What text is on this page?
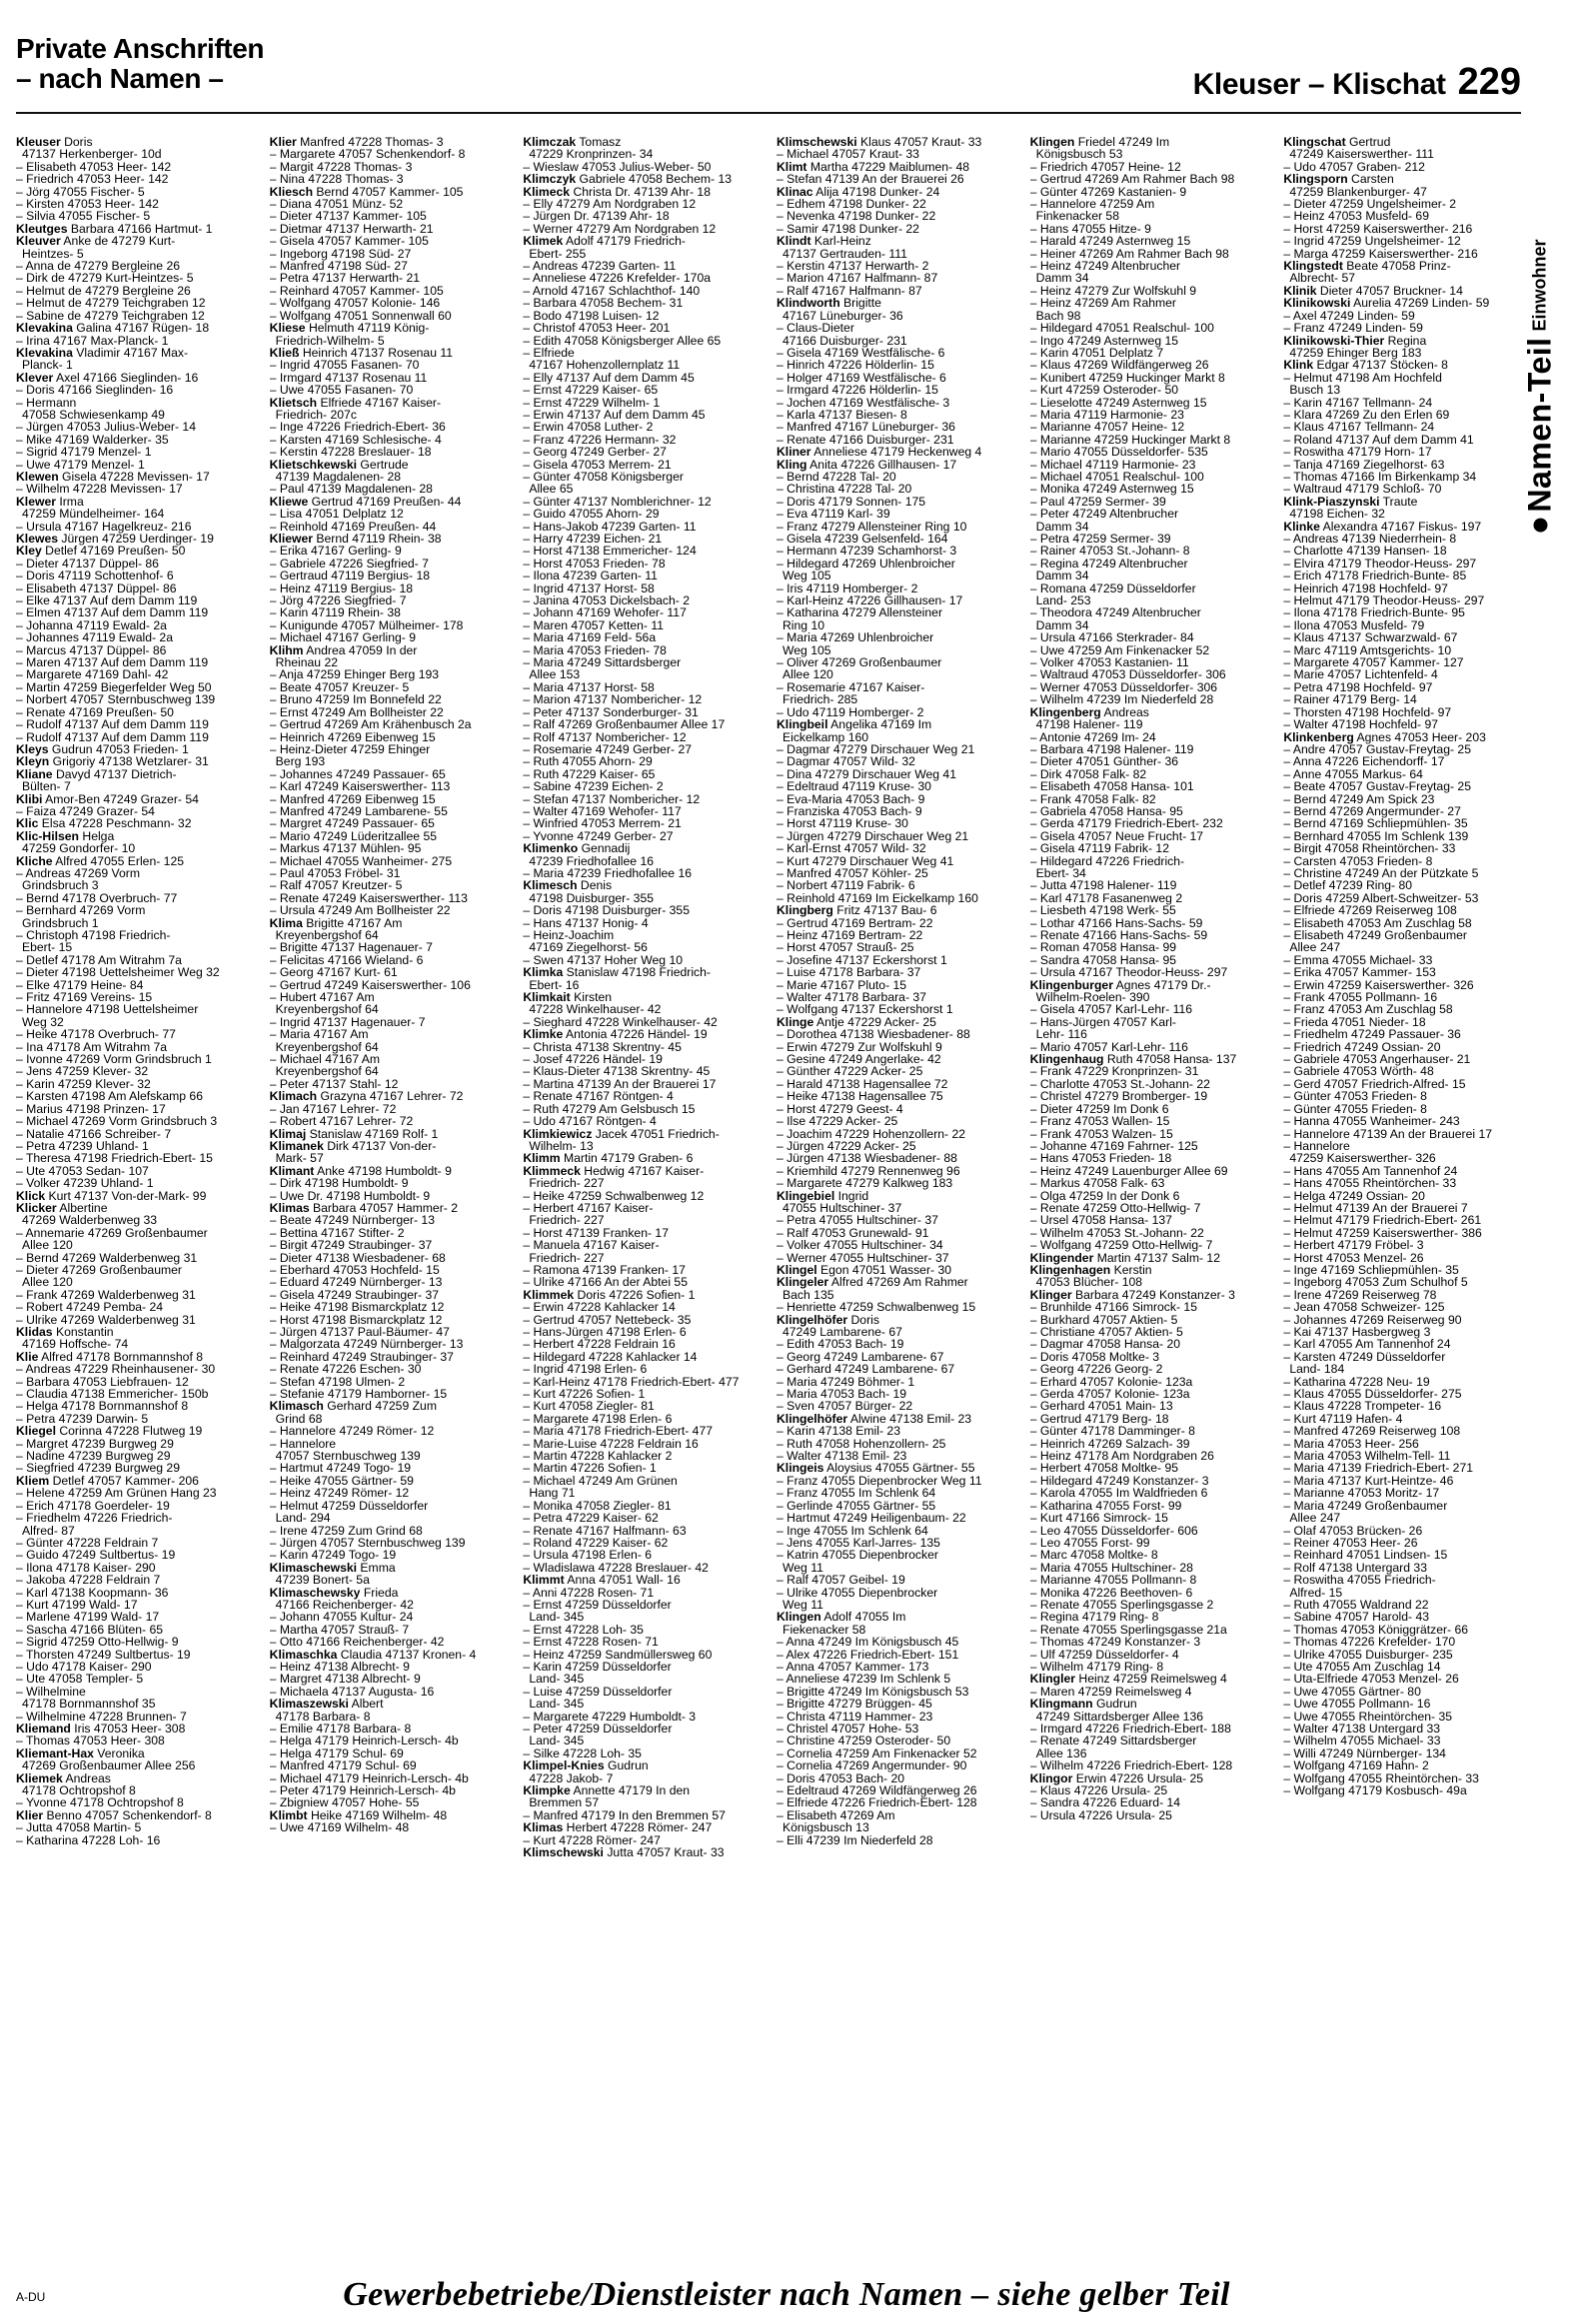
Private Anschriften
– nach Namen –	Kleuser – Klischat 229
Kleuser Doris
47137 Herkenberger- 10d
– Elisabeth 47053 Heer- 142
– Friedrich 47053 Heer- 142
– Jörg 47055 Fischer- 5
– Kirsten 47053 Heer- 142
– Silvia 47055 Fischer- 5
Kleutges Barbara 47166 Hartmut- 1
Kleuver Anke de 47279 Kurt-
Heintzes- 5
– Anna de 47279 Bergleine 26
– Dirk de 47279 Kurt-Heintzes- 5
– Helmut de 47279 Bergleine 26
– Helmut de 47279 Teichgraben 12
– Sabine de 47279 Teichgraben 12
Klevakina Galina 47167 Rügen- 18
– Irina 47167 Max-Planck- 1
Klevakina Vladimir 47167 Max-
Planck- 1
Klever Axel 47166 Sieglinden- 16
– Doris 47166 Sieglinden- 16
– Hermann
47058 Schwiesenkamp 49
– Jürgen 47053 Julius-Weber- 14
– Mike 47169 Walderker- 35
– Sigrid 47179 Menzel- 1
– Uwe 47179 Menzel- 1
Klewen Gisela 47228 Mevissen- 17
– Wilhelm 47228 Mevissen- 17
Klewer Irma
47259 Mündelheimer- 164
– Ursula 47167 Hagelkreuz- 216
Klewes Jürgen 47259 Uerdinger- 19
Kley Detlef 47169 Preußen- 50
– Dieter 47137 Düppel- 86
– Doris 47119 Schottenhof- 6
– Elisabeth 47137 Düppel- 86
– Elke 47137 Auf dem Damm 119
– Elmen 47137 Auf dem Damm 119
– Johanna 47119 Ewald- 2a
– Johannes 47119 Ewald- 2a
– Marcus 47137 Düppel- 86
– Maren 47137 Auf dem Damm 119
– Margarete 47169 Dahl- 42
– Martin 47259 Biegerfelder Weg 50
– Norbert 47057 Sternbuschweg 139
– Renate 47169 Preußen- 50
– Rudolf 47137 Auf dem Damm 119
– Rudolf 47137 Auf dem Damm 119
Kleys Gudrun 47053 Frieden- 1
Kleyn Grigoriy 47138 Wetzlarer- 31
Kliane Davyd 47137 Dietrich-
Bülten- 7
Klibi Amor-Ben 47249 Grazer- 54
– Faiza 47249 Grazer- 54
Klic Elsa 47228 Peschmann- 32
Klic-Hilsen Helga
47259 Gondorfer- 10
Kliche Alfred 47055 Erlen- 125
– Andreas 47269 Vorm
Grindsbruch 3
– Bernd 47178 Overbruch- 77
– Bernhard 47269 Vorm
Grindsbruch 1
– Christoph 47198 Friedrich-
Ebert- 15
– Detlef 47178 Am Witrahm 7a
– Dieter 47198 Uettelsheimer Weg 32
– Elke 47179 Heine- 84
– Fritz 47169 Vereins- 15
– Hannelore 47198 Uettelsheimer
Weg 32
– Heike 47178 Overbruch- 77
– Ina 47178 Am Witrahm 7a
– Ivonne 47269 Vorm Grindsbruch 1
– Jens 47259 Klever- 32
– Karin 47259 Klever- 32
– Karsten 47198 Am Alefskamp 66
– Marius 47198 Prinzen- 17
– Michael 47269 Vorm Grindsbruch 3
– Natalie 47166 Schreiber- 7
– Petra 47239 Uhland- 1
– Theresa 47198 Friedrich-Ebert- 15
– Ute 47053 Sedan- 107
– Volker 47239 Uhland- 1
Klick Kurt 47137 Von-der-Mark- 99
Klicker Albertine
47269 Walderbenweg 33
– Annemarie 47269 Großenbaumer
Allee 120
– Bernd 47269 Walderbenweg 31
– Dieter 47269 Großenbaumer
Allee 120
– Frank 47269 Walderbenweg 31
– Robert 47249 Pemba- 24
– Ulrike 47269 Walderbenweg 31
Klidas Konstantin
47169 Hoffsche- 74
Klie Alfred 47178 Bornmannshof 8
– Andreas 47229 Rheinhausener- 30
– Barbara 47053 Liebfrauen- 12
– Claudia 47138 Emmericher- 150b
– Helga 47178 Bornmannshof 8
– Petra 47239 Darwin- 5
Kliegel Corinna 47228 Flutweg 19
– Margret 47239 Burgweg 29
– Nadine 47239 Burgweg 29
– Siegfried 47239 Burgweg 29
Kliem Detlef 47057 Kammer- 206
– Helene 47259 Am Grünen Hang 23
– Erich 47178 Goerdeler- 19
– Friedhelm 47226 Friedrich-
Alfred- 87
– Günter 47228 Feldrain 7
– Guido 47249 Sultbertus- 19
– Ilona 47178 Kaiser- 290
– Jakoba 47228 Feldrain 7
– Karl 47138 Koopmann- 36
– Kurt 47199 Wald- 17
– Marlene 47199 Wald- 17
– Sascha 47166 Blüten- 65
– Sigrid 47259 Otto-Hellwig- 9
– Thorsten 47249 Sultbertus- 19
– Udo 47178 Kaiser- 290
– Ute 47058 Templer- 5
– Wilhelmine
47178 Bornmannshof 35
– Wilhelmine 47228 Brunnen- 7
Kliemand Iris 47053 Heer- 308
– Thomas 47053 Heer- 308
Kliemant-Hax Veronika
47269 Großenbaumer Allee 256
Kliemek Andreas
47178 Ochtropshof 8
– Yvonne 47178 Ochtropshof 8
Klier Benno 47057 Schenkendorf- 8
– Jutta 47058 Martin- 5
– Katharina 47228 Loh- 16
Klier Manfred 47228 Thomas- 3
– Margarete 47057 Schenkendorf- 8
– Margit 47228 Thomas- 3
– Nina 47228 Thomas- 3
Kliesch Bernd 47057 Kammer- 105
– Diana 47051 Münz- 52
– Dieter 47137 Kammer- 105
– Dietmar 47137 Herwarth- 21
– Gisela 47057 Kammer- 105
– Ingeborg 47198 Süd- 27
– Manfred 47198 Süd- 27
– Petra 47137 Herwarth- 21
– Reinhard 47057 Kammer- 105
– Wolfgang 47057 Kolonie- 146
– Wolfgang 47051 Sonnenwall 60
Kliese Helmuth 47119 König-
Friedrich-Wilhelm- 5
Kließ Heinrich 47137 Rosenau 11
– Ingrid 47055 Fasanen- 70
– Irmgard 47137 Rosenau 11
– Uwe 47055 Fasanen- 70
Klietsch Elfriede 47167 Kaiser-
Friedrich- 207c
– Inge 47226 Friedrich-Ebert- 36
– Karsten 47169 Schlesische- 4
– Kerstin 47228 Breslauer- 18
Klietschkewski Gertrude
47139 Magdalenen- 28
– Paul 47139 Magdalenen- 28
Kliewe Gertrud 47169 Preußen- 44
– Lisa 47051 Delplatz 12
– Reinhold 47169 Preußen- 44
Kliewer Bernd 47119 Rhein- 38
– Erika 47167 Gerling- 9
– Gabriele 47226 Siegfried- 7
– Gertraud 47119 Bergius- 18
– Heinz 47119 Bergius- 18
– Jörg 47226 Siegfried- 7
– Karin 47119 Rhein- 38
– Kunigunde 47057 Mülheimer- 178
– Michael 47167 Gerling- 9
Klihm Andrea 47059 In der
Rheinau 22
– Anja 47259 Ehinger Berg 193
– Beate 47057 Kreuzer- 5
– Bruno 47259 Im Bonnefeld 22
– Ernst 47249 Am Bollheister 22
– Gertrud 47269 Am Krähenbusch 2a
– Heinrich 47269 Eibenweg 15
– Heinz-Dieter 47259 Ehinger
Berg 193
– Johannes 47249 Passauer- 65
– Karl 47249 Kaiserswerther- 113
– Manfred 47269 Eibenweg 15
– Manfred 47249 Lambarene- 55
– Margret 47249 Passauer- 65
– Mario 47249 Lüderitzallee 55
– Markus 47137 Mühlen- 95
– Michael 47055 Wanheimer- 275
– Paul 47053 Fröbel- 31
– Ralf 47057 Kreutzer- 5
– Renate 47249 Kaiserswerther- 113
– Ursula 47249 Am Bollheister 22
Klima Brigitte 47167 Am
Kreyenbergshof 64
– Brigitte 47137 Hagenauer- 7
– Felicitas 47166 Wieland- 6
– Georg 47167 Kurt- 61
– Gertrud 47249 Kaiserswerther- 106
– Hubert 47167 Am
Kreyenbergshof 64
– Ingrid 47137 Hagenauer- 7
– Maria 47167 Am
Kreyenbergshof 64
– Michael 47167 Am
Kreyenbergshof 64
– Peter 47137 Stahl- 12
Klimach Grazyna 47167 Lehrer- 72
– Jan 47167 Lehrer- 72
– Robert 47167 Lehrer- 72
Klimaj Stanislaw 47169 Rolf- 1
Klimanek Dirk 47137 Von-der-
Mark- 57
Klimant Anke 47198 Humboldt- 9
– Dirk 47198 Humboldt- 9
– Uwe Dr. 47198 Humboldt- 9
Klimas Barbara 47057 Hammer- 2
– Beate 47249 Nürnberger- 13
– Bettina 47167 Stifter- 2
– Birgit 47249 Straubinger- 37
– Dieter 47138 Wiesbadener- 68
– Eberhard 47053 Hochfeld- 15
– Eduard 47249 Nürnberger- 13
– Gisela 47249 Straubinger- 37
– Heike 47198 Bismarckplatz 12
– Horst 47198 Bismarckplatz 12
– Jürgen 47137 Paul-Bäumer- 47
– Malgorzata 47249 Nürnberger- 13
– Reinhard 47249 Straubinger- 37
– Renate 47226 Eschen- 30
– Stefan 47198 Ulmen- 2
– Stefanie 47179 Hamborner- 15
Klimasch Gerhard 47259 Zum
Grind 68
– Hannelore 47249 Römer- 12
– Hannelore
47057 Sternbuschweg 139
– Hartmut 47249 Togo- 19
– Heike 47055 Gärtner- 59
– Heinz 47249 Römer- 12
– Helmut 47259 Düsseldorfer
Land- 294
– Irene 47259 Zum Grind 68
– Jürgen 47057 Sternbuschweg 139
– Karin 47249 Togo- 19
Klimaschewski Emma
47239 Bonert- 5a
Klimaschewsky Frieda
47166 Reichenberger- 42
– Johann 47055 Kultur- 24
– Martha 47057 Strauß- 7
– Otto 47166 Reichenberger- 42
Klimaschka Claudia 47137 Kronen- 4
– Heinz 47138 Albrecht- 9
– Margret 47138 Albrecht- 9
– Michaela 47137 Augusta- 16
Klimaszewski Albert
47178 Barbara- 8
– Emilie 47178 Barbara- 8
– Helga 47179 Heinrich-Lersch- 4b
– Helga 47179 Schul- 69
– Manfred 47179 Schul- 69
– Michael 47179 Heinrich-Lersch- 4b
– Peter 47179 Heinrich-Lersch- 4b
– Zbigniew 47057 Hohe- 55
Klimbt Heike 47169 Wilhelm- 48
– Uwe 47169 Wilhelm- 48
Klimczak Tomasz
47229 Kronprinzen- 34
– Wieslaw 47053 Julius-Weber- 50
Klimczyk Gabriele 47058 Bechem- 13
Klimeck Christa Dr. 47139 Ahr- 18
– Elly 47279 Am Nordgraben 12
– Jürgen Dr. 47139 Ahr- 18
– Werner 47279 Am Nordgraben 12
Klimek Adolf 47179 Friedrich-
Ebert- 255
– Andreas 47239 Garten- 11
– Anneliese 47226 Krefelder- 170a
– Arnold 47167 Schlachthof- 140
– Barbara 47058 Bechem- 31
– Bodo 47198 Luisen- 12
– Christof 47053 Heer- 201
– Edith 47058 Königsberger Allee 65
– Elfriede
47167 Hohenzollernplatz 11
– Elly 47137 Auf dem Damm 45
– Ernst 47229 Kaiser- 65
– Ernst 47229 Wilhelm- 1
– Erwin 47137 Auf dem Damm 45
– Erwin 47058 Luther- 2
– Franz 47226 Hermann- 32
– Georg 47249 Gerber- 27
– Gisela 47053 Merrem- 21
– Günter 47058 Königsberger
Allee 65
– Günter 47137 Nomblerichner- 12
– Guido 47055 Ahorn- 29
– Hans-Jakob 47239 Garten- 11
– Harry 47239 Eichen- 21
– Horst 47138 Emmericher- 124
– Horst 47053 Frieden- 78
– Ilona 47239 Garten- 11
– Ingrid 47137 Horst- 58
– Janina 47053 Dickelsbach- 2
– Johann 47169 Wehofer- 117
– Maren 47057 Ketten- 11
– Maria 47169 Feld- 56a
– Maria 47053 Frieden- 78
– Maria 47249 Sittardsberger
Allee 153
– Maria 47137 Horst- 58
– Marion 47137 Nombericher- 12
– Peter 47137 Sonderburger- 31
– Ralf 47269 Großenbaumer Allee 17
– Rolf 47137 Nombericher- 12
– Rosemarie 47249 Gerber- 27
– Ruth 47055 Ahorn- 29
– Ruth 47229 Kaiser- 65
– Sabine 47239 Eichen- 2
– Stefan 47137 Nombericher- 12
– Walter 47169 Wehofer- 117
– Winfried 47053 Merrem- 21
– Yvonne 47249 Gerber- 27
Klimenko Gennadij
47239 Friedhofallee 16
– Maria 47239 Friedhofallee 16
Klimesch Denis
47198 Duisburger- 355
– Doris 47198 Duisburger- 355
– Hans 47137 Honig- 4
– Heinz-Joachim
47169 Ziegelhorst- 56
– Swen 47137 Hoher Weg 10
Klimka Stanislaw 47198 Friedrich-
Ebert- 16
Klimkait Kirsten
47228 Winkelhauser- 42
– Sieghard 47228 Winkelhauser- 42
Klimke Antonia 47226 Händel- 19
– Christa 47138 Skrentny- 45
– Josef 47226 Händel- 19
– Klaus-Dieter 47138 Skrentny- 45
– Martina 47139 An der Brauerei 17
– Renate 47167 Röntgen- 4
– Ruth 47279 Am Gelsbusch 15
– Udo 47167 Röntgen- 4
Klimkiewicz Jacek 47051 Friedrich-
Wilhelm- 13
Klimm Martin 47179 Graben- 6
Klimmeck Hedwig 47167 Kaiser-
Friedrich- 227
– Heike 47259 Schwalbenweg 12
– Herbert 47167 Kaiser-
Friedrich- 227
– Horst 47139 Franken- 17
– Manuela 47167 Kaiser-
Friedrich- 227
– Ramona 47139 Franken- 17
– Ulrike 47166 An der Abtei 55
Klimmek Doris 47226 Sofien- 1
– Erwin 47228 Kahlacker 14
– Gertrud 47057 Nettebeck- 35
– Hans-Jürgen 47198 Erlen- 6
– Herbert 47228 Feldrain 16
– Hildegard 47228 Kahlacker 14
– Ingrid 47198 Erlen- 6
– Karl-Heinz 47178 Friedrich-Ebert- 477
– Kurt 47226 Sofien- 1
– Kurt 47058 Ziegler- 81
– Margarete 47198 Erlen- 6
– Maria 47178 Friedrich-Ebert- 477
– Marie-Luise 47228 Feldrain 16
– Martin 47228 Kahlacker 2
– Martin 47226 Sofien- 1
– Michael 47249 Am Grünen
Hang 71
– Monika 47058 Ziegler- 81
– Petra 47229 Kaiser- 62
– Renate 47167 Halfmann- 63
– Roland 47229 Kaiser- 62
– Ursula 47198 Erlen- 6
– Wladislawa 47228 Breslauer- 42
Klimmt Anna 47051 Wall- 16
– Anni 47228 Rosen- 71
– Ernst 47259 Düsseldorfer
Land- 345
– Ernst 47228 Loh- 35
– Ernst 47228 Rosen- 71
– Heinz 47259 Sandmüllersweg 60
– Karin 47259 Düsseldorfer
Land- 345
– Luise 47259 Düsseldorfer
Land- 345
– Margarete 47229 Humboldt- 3
– Peter 47259 Düsseldorfer
Land- 345
– Silke 47228 Loh- 35
Klimpel-Knies Gudrun
47228 Jakob- 7
Klimpke Annette 47179 In den
Bremmen 57
– Manfred 47179 In den Bremmen 57
Klimas Herbert 47228 Römer- 247
– Kurt 47228 Römer- 247
Klimschewski Jutta 47057 Kraut- 33
Klimschewski Klaus 47057 Kraut- 33
– Michael 47057 Kraut- 33
Klimt Martha 47229 Maiblumen- 48
– Stefan 47139 An der Brauerei 26
Klinac Alija 47198 Dunker- 24
– Edhem 47198 Dunker- 22
– Nevenka 47198 Dunker- 22
– Samir 47198 Dunker- 22
Klindt Karl-Heinz
47137 Gertrauden- 111
– Kerstin 47137 Herwarth- 2
– Marion 47167 Halfmann- 87
– Ralf 47167 Halfmann- 87
Klindworth Brigitte
47167 Lüneburger- 36
– Claus-Dieter
47166 Duisburger- 231
– Gisela 47169 Westfälische- 6
– Hinrich 47226 Hölderlin- 15
– Holger 47169 Westfälische- 6
– Irmgard 47226 Hölderlin- 15
– Jochen 47169 Westfälische- 3
– Karla 47137 Biesen- 8
– Manfred 47167 Lüneburger- 36
– Renate 47166 Duisburger- 231
Kliner Anneliese 47179 Heckenweg 4
Kling Anita 47226 Gillhausen- 17
– Bernd 47228 Tal- 20
– Christina 47228 Tal- 20
– Doris 47179 Sonnen- 175
– Eva 47119 Karl- 39
– Franz 47279 Allensteiner Ring 10
– Gisela 47239 Gelsenfeld- 164
– Hermann 47239 Schamhorst- 3
– Hildegard 47269 Uhlenbroicher
Weg 105
– Iris 47119 Homberger- 2
– Karl-Heinz 47226 Gillhausen- 17
– Katharina 47279 Allensteiner
Ring 10
– Maria 47269 Uhlenbroicher
Weg 105
– Oliver 47269 Großenbaumer
Allee 120
– Rosemarie 47167 Kaiser-
Friedrich- 285
– Udo 47119 Homberger- 2
Klingbeil Angelika 47169 Im
Eickelkamp 160
– Dagmar 47279 Dirschauer Weg 21
– Dagmar 47057 Wild- 32
– Dina 47279 Dirschauer Weg 41
– Edeltraud 47119 Kruse- 30
– Eva-Maria 47053 Bach- 9
– Franziska 47053 Bach- 9
– Horst 47119 Kruse- 30
– Jürgen 47279 Dirschauer Weg 21
– Karl-Ernst 47057 Wild- 32
– Kurt 47279 Dirschauer Weg 41
– Manfred 47057 Köhler- 25
– Norbert 47119 Fabrik- 6
– Reinhold 47169 Im Eickelkamp 160
Klingberg Fritz 47137 Bau- 6
– Gertrud 47169 Bertram- 22
– Heinz 47169 Bertram- 22
– Horst 47057 Strauß- 25
– Josefine 47137 Eckershorst 1
– Luise 47178 Barbara- 37
– Marie 47167 Pluto- 15
– Walter 47178 Barbara- 37
– Wolfgang 47137 Eckershorst 1
Klinge Antje 47229 Acker- 25
– Dorothea 47138 Wiesbadener- 88
– Erwin 47279 Zur Wolfskuhl 9
– Gesine 47249 Angerlake- 42
– Günther 47229 Acker- 25
– Harald 47138 Hagensallee 72
– Heike 47138 Hagensallee 75
– Horst 47279 Geest- 4
– Ilse 47229 Acker- 25
– Joachim 47229 Hohenzollern- 22
– Jürgen 47229 Acker- 25
– Jürgen 47138 Wiesbadener- 88
– Kriemhild 47279 Rennenweg 96
– Margarete 47279 Kalkweg 183
Klingebiel Ingrid
47055 Hultschiner- 37
– Petra 47055 Hultschiner- 37
– Ralf 47053 Grunewald- 91
– Volker 47055 Hultschiner- 34
– Werner 47055 Hultschiner- 37
Klingel Egon 47051 Wasser- 30
Klingeler Alfred 47269 Am Rahmer
Bach 135
– Henriette 47259 Schwalbenweg 15
Klingelhöfer Doris
47249 Lambarene- 67
– Edith 47053 Bach- 19
– Georg 47249 Lambarene- 67
– Gerhard 47249 Lambarene- 67
– Maria 47249 Böhmer- 1
– Maria 47053 Bach- 19
– Sven 47057 Bürger- 22
Klingelhöfer Alwine 47138 Emil- 23
– Karin 47138 Emil- 23
– Ruth 47058 Hohenzollern- 25
– Walter 47138 Emil- 23
Klingeis Aloysius 47055 Gärtner- 55
– Franz 47055 Diepenbrocker Weg 11
– Franz 47055 Im Schlenk 64
– Gerlinde 47055 Gärtner- 55
– Hartmut 47249 Heiligenbaum- 22
– Inge 47055 Im Schlenk 64
– Jens 47055 Karl-Jarres- 135
– Katrin 47055 Diepenbrocker
Weg 11
– Ralf 47057 Geibel- 19
– Ulrike 47055 Diepenbrocker
Weg 11
Klingen Adolf 47055 Im
Fiekenacker 58
– Anna 47249 Im Königsbusch 45
– Alex 47226 Friedrich-Ebert- 151
– Anna 47057 Kammer- 173
– Anneliese 47239 Im Schlenk 5
– Brigitte 47249 Im Königsbusch 53
– Brigitte 47279 Brüggen- 45
– Christa 47119 Hammer- 23
– Christel 47057 Hohe- 53
– Christine 47259 Osteroder- 50
– Cornelia 47259 Am Finkenacker 52
– Cornelia 47269 Angermunder- 90
– Doris 47053 Bach- 20
– Edeltraud 47269 Wildfängerweg 26
– Elfriede 47226 Friedrich-Ebert- 128
– Elisabeth 47269 Am
Königsbusch 13
– Elli 47239 Im Niederfeld 28
Klingen Friedel 47249 Im
Königsbusch 53
– Friedrich 47057 Heine- 12
– Gertrud 47269 Am Rahmer Bach 98
– Günter 47269 Kastanien- 9
– Hannelore 47259 Am
Finkenacker 58
– Hans 47055 Hitze- 9
– Harald 47249 Asternweg 15
– Heiner 47269 Am Rahmer Bach 98
– Heinz 47249 Altenbrucher
Damm 34
– Heinz 47279 Zur Wolfskuhl 9
– Heinz 47269 Am Rahmer
Bach 98
– Hildegard 47051 Realschul- 100
– Ingo 47249 Asternweg 15
– Karin 47051 Delplatz 7
– Klaus 47269 Wildfängerweg 26
– Kunibert 47259 Huckinger Markt 8
– Kurt 47259 Osteroder- 50
– Lieselotte 47249 Asternweg 15
– Maria 47119 Harmonie- 23
– Marianne 47057 Heine- 12
– Marianne 47259 Huckinger Markt 8
– Mario 47055 Düsseldorfer- 535
– Michael 47119 Harmonie- 23
– Michael 47051 Realschul- 100
– Monika 47249 Asternweg 15
– Paul 47259 Sermer- 39
– Peter 47249 Altenbrucher
Damm 34
– Petra 47259 Sermer- 39
– Rainer 47053 St.-Johann- 8
– Regina 47249 Altenbrucher
Damm 34
– Romana 47259 Düsseldorfer
Land- 253
– Theodora 47249 Altenbrucher
Damm 34
– Ursula 47166 Sterkrader- 84
– Uwe 47259 Am Finkenacker 52
– Volker 47053 Kastanien- 11
– Waltraud 47053 Düsseldorfer- 306
– Werner 47053 Düsseldorfer- 306
– Wilhelm 47239 Im Niederfeld 28
Klingenberg Andreas
47198 Halener- 119
– Antonie 47269 Im- 24
– Barbara 47198 Halener- 119
– Dieter 47051 Günther- 36
– Dirk 47058 Falk- 82
– Elisabeth 47058 Hansa- 101
– Frank 47058 Falk- 82
– Gabriela 47058 Hansa- 95
– Gerda 47179 Friedrich-Ebert- 232
– Gisela 47057 Neue Frucht- 17
– Gisela 47119 Fabrik- 12
– Hildegard 47226 Friedrich-
Ebert- 34
– Jutta 47198 Halener- 119
– Karl 47178 Fasanenweg 2
– Liesbeth 47198 Werk- 55
– Lothar 47166 Hans-Sachs- 59
– Renate 47166 Hans-Sachs- 59
– Roman 47058 Hansa- 99
– Sandra 47058 Hansa- 95
– Ursula 47167 Theodor-Heuss- 297
Klingenburger Agnes 47179 Dr.-
Wilhelm-Roelen- 390
– Gisela 47057 Karl-Lehr- 116
– Hans-Jürgen 47057 Karl-
Lehr- 116
– Mario 47057 Karl-Lehr- 116
Klingenhaug Ruth 47058 Hansa- 137
– Frank 47229 Kronprinzen- 31
– Charlotte 47053 St.-Johann- 22
– Christel 47279 Bromberger- 19
– Dieter 47259 Im Donk 6
– Franz 47053 Wallen- 15
– Frank 47053 Walzen- 15
– Johanne 47169 Fahrner- 125
– Hans 47053 Frieden- 18
– Heinz 47249 Lauenburger Allee 69
– Markus 47058 Falk- 63
– Olga 47259 In der Donk 6
– Renate 47259 Otto-Hellwig- 7
– Ursel 47058 Hansa- 137
– Wilhelm 47053 St.-Johann- 22
– Wolfgang 47259 Otto-Hellwig- 7
Klingender Martin 47137 Salm- 12
Klingenhagen Kerstin
47053 Blücher- 108
Klinger Barbara 47249 Konstanzer- 3
– Brunhilde 47166 Simrock- 15
– Burkhard 47057 Aktien- 5
– Christiane 47057 Aktien- 5
– Dagmar 47058 Hansa- 20
– Doris 47058 Moltke- 3
– Georg 47226 Georg- 2
– Erhard 47057 Kolonie- 123a
– Gerda 47057 Kolonie- 123a
– Gerhard 47051 Main- 13
– Gertrud 47179 Berg- 18
– Günter 47178 Damminger- 8
– Heinrich 47269 Salzach- 39
– Heinz 47178 Am Nordgraben 26
– Herbert 47058 Moltke- 95
– Hildegard 47249 Konstanzer- 3
– Karola 47055 Im Waldfrieden 6
– Katharina 47055 Forst- 99
– Kurt 47166 Simrock- 15
– Leo 47055 Düsseldorfer- 606
– Leo 47055 Forst- 99
– Marc 47058 Moltke- 8
– Maria 47055 Hultschiner- 28
– Marianne 47055 Pollmann- 8
– Monika 47226 Beethoven- 6
– Renate 47055 Sperlingsgasse 2
– Regina 47179 Ring- 8
– Renate 47055 Sperlingsgasse 21a
– Thomas 47249 Konstanzer- 3
– Ulf 47259 Düsseldorfer- 4
– Wilhelm 47179 Ring- 8
Klingler Heinz 47259 Reimelsweg 4
– Maren 47259 Reimelsweg 4
Klingmann Gudrun
47249 Sittardsberger Allee 136
– Irmgard 47226 Friedrich-Ebert- 188
– Renate 47249 Sittardsberger
Allee 136
– Wilhelm 47226 Friedrich-Ebert- 128
Klingor Erwin 47226 Ursula- 25
– Klaus 47226 Ursula- 25
– Sandra 47226 Eduard- 14
– Ursula 47226 Ursula- 25
Klingschat Gertrud
47249 Kaiserswerther- 111
– Udo 47057 Graben- 212
Klingsporn Carsten
47259 Blankenburger- 47
– Dieter 47259 Ungelsheimer- 2
– Heinz 47053 Musfeld- 69
– Horst 47259 Kaiserswerther- 216
– Ingrid 47259 Ungelsheimer- 12
– Marga 47259 Kaiserswerther- 216
Klingstedt Beate 47058 Prinz-
Albrecht- 57
Klinik Dieter 47057 Bruckner- 14
Klinikowski Aurelia 47269 Linden- 59
– Axel 47249 Linden- 59
– Franz 47249 Linden- 59
Klinikowski-Thier Regina
47259 Ehinger Berg 183
Klink Edgar 47137 Stöcken- 8
– Helmut 47198 Am Hochfeld
Busch 13
– Karin 47167 Tellmann- 24
– Klara 47269 Zu den Erlen 69
– Klaus 47167 Tellmann- 24
– Roland 47137 Auf dem Damm 41
– Roswitha 47179 Horn- 17
– Tanja 47169 Ziegelhorst- 63
– Thomas 47166 Im Birkenkamp 34
– Waltraud 47179 Schloß- 70
Klink-Piaszynski Traute
47198 Eichen- 32
Klinke Alexandra 47167 Fiskus- 197
– Andreas 47139 Niederrhein- 8
– Charlotte 47139 Hansen- 18
– Elvira 47179 Theodor-Heuss- 297
– Erich 47178 Friedrich-Bunte- 85
– Heinrich 47198 Hochfeld- 97
– Helmut 47179 Theodor-Heuss- 297
– Ilona 47178 Friedrich-Bunte- 95
– Ilona 47053 Musfeld- 79
– Klaus 47137 Schwarzwald- 67
– Marc 47119 Amtsgerichts- 10
– Margarete 47057 Kammer- 127
– Marie 47057 Lichtenfeld- 4
– Petra 47198 Hochfeld- 97
– Rainer 47179 Berg- 14
– Thorsten 47198 Hochfeld- 97
– Walter 47198 Hochfeld- 97
Klinkenberg Agnes 47053 Heer- 203
– Andre 47057 Gustav-Freytag- 25
– Anna 47226 Eichendorff- 17
– Anne 47055 Markus- 64
– Beate 47057 Gustav-Freytag- 25
– Bernd 47249 Am Spick 23
– Bernd 47269 Angermunder- 27
– Bernd 47169 Schliepmühlen- 35
– Bernhard 47055 Im Schlenk 139
– Birgit 47058 Rheintörchen- 33
– Carsten 47053 Frieden- 8
– Christine 47249 An der Pützkate 5
– Detlef 47239 Ring- 80
– Doris 47259 Albert-Schweitzer- 53
– Elfriede 47269 Reiserweg 108
– Elisabeth 47053 Am Zuschlag 58
– Elisabeth 47249 Großenbaumer
Allee 247
– Emma 47055 Michael- 33
– Erika 47057 Kammer- 153
– Erwin 47259 Kaiserswerther- 326
– Frank 47055 Pollmann- 16
– Franz 47053 Am Zuschlag 58
– Frieda 47051 Nieder- 18
– Friedhelm 47249 Passauer- 36
– Friedrich 47249 Ossian- 20
– Gabriele 47053 Angerhauser- 21
– Gabriele 47053 Wörth- 48
– Gerd 47057 Friedrich-Alfred- 15
– Günter 47053 Frieden- 8
– Günter 47055 Frieden- 8
– Hanna 47055 Wanheimer- 243
– Hannelore 47139 An der Brauerei 17
– Hannelore
47259 Kaiserswerther- 326
– Hans 47055 Am Tannenhof 24
– Hans 47055 Rheintörchen- 33
– Helga 47249 Ossian- 20
– Helmut 47139 An der Brauerei 7
– Helmut 47179 Friedrich-Ebert- 261
– Helmut 47259 Kaiserswerther- 386
– Herbert 47179 Fröbel- 3
– Horst 47053 Menzel- 26
– Inge 47169 Schliepmühlen- 35
– Ingeborg 47053 Zum Schulhof 5
– Irene 47269 Reiserweg 78
– Jean 47058 Schweizer- 125
– Johannes 47269 Reiserweg 90
– Kai 47137 Hasbergweg 3
– Karl 47055 Am Tannenhof 24
– Karsten 47249 Düsseldorfer
Land- 184
– Katharina 47228 Neu- 19
– Klaus 47055 Düsseldorfer- 275
– Klaus 47228 Trompeter- 16
– Kurt 47119 Hafen- 4
– Manfred 47269 Reiserweg 108
– Maria 47053 Heer- 256
– Maria 47053 Wilhelm-Tell- 11
– Maria 47139 Friedrich-Ebert- 271
– Maria 47137 Kurt-Heintze- 46
– Marianne 47053 Moritz- 17
– Maria 47249 Großenbaumer
Allee 247
– Olaf 47053 Brücken- 26
– Reiner 47053 Heer- 26
– Reinhard 47051 Lindsen- 15
– Rolf 47138 Untergard 33
– Roswitha 47055 Friedrich-
Alfred- 15
– Ruth 47055 Waldrand 22
– Sabine 47057 Harold- 43
– Thomas 47053 Königgrätzer- 66
– Thomas 47226 Krefelder- 170
– Ulrike 47055 Duisburger- 235
– Ute 47055 Am Zuschlag 14
– Uta-Elfriede 47053 Menzel- 26
– Uwe 47055 Gärtner- 80
– Uwe 47055 Pollmann- 16
– Uwe 47055 Rheintörchen- 35
– Walter 47138 Untergard 33
– Wilhelm 47055 Michael- 33
– Willi 47249 Nürnberger- 134
– Wolfgang 47169 Hahn- 2
– Wolfgang 47055 Rheintörchen- 33
– Wolfgang 47179 Kosbusch- 49a
Namen-Teil
Einwohner
A-DU	Gewerbebetriebe/Dienstleister nach Namen – siehe gelber Teil
